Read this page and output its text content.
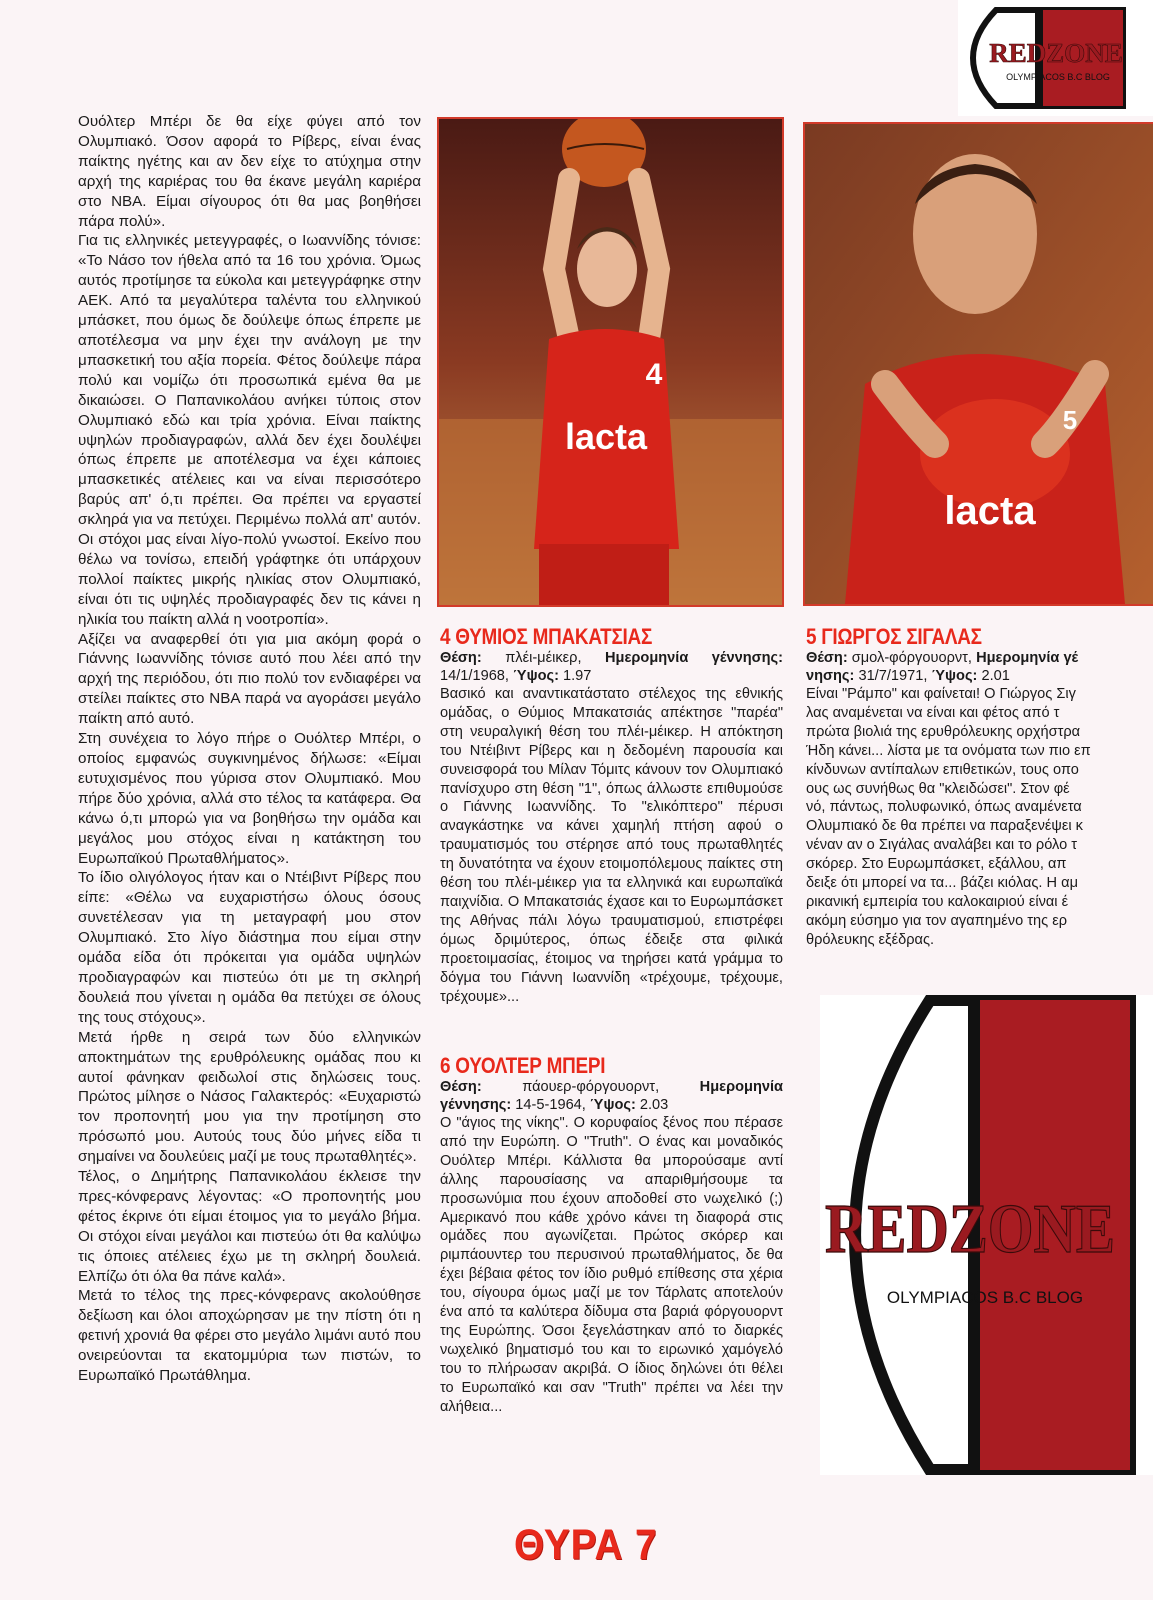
Ουόλτερ Μπέρι δε θα είχε φύγει από τον Ολυμπιακό. Όσον αφορά το Ρίβερς, είναι ένας παίκτης ηγέτης και αν δεν είχε το ατύχημα στην αρχή της καριέρας του θα έκανε μεγάλη καριέρα στο ΝΒΑ. Είμαι σίγουρος ότι θα μας βοηθήσει πάρα πολύ».

Για τις ελληνικές μετεγγραφές, ο Ιωαννίδης τόνισε: «Το Νάσο τον ήθελα από τα 16 του χρόνια. Όμως αυτός προτίμησε τα εύκολα και μετεγγράφηκε στην ΑΕΚ. Από τα μεγαλύτερα ταλέντα του ελληνικού μπάσκετ, που όμως δε δούλεψε όπως έπρεπε με αποτέλεσμα να μην έχει την ανάλογη με την μπασκετική του αξία πορεία. Φέτος δούλεψε πάρα πολύ και νομίζω ότι προσωπικά εμένα θα με δικαιώσει. Ο Παπανικολάου ανήκει τύποις στον Ολυμπιακό εδώ και τρία χρόνια. Είναι παίκτης υψηλών προδιαγραφών, αλλά δεν έχει δουλέψει όπως έπρεπε με αποτέλεσμα να έχει κάποιες μπασκετικές ατέλειες και να είναι περισσότερο βαρύς απ' ό,τι πρέπει. Θα πρέπει να εργαστεί σκληρά για να πετύχει. Περιμένω πολλά απ' αυτόν. Οι στόχοι μας είναι λίγο-πολύ γνωστοί. Εκείνο που θέλω να τονίσω, επειδή γράφτηκε ότι υπάρχουν πολλοί παίκτες μικρής ηλικίας στον Ολυμπιακό, είναι ότι τις υψηλές προδιαγραφές δεν τις κάνει η ηλικία του παίκτη αλλά η νοοτροπία».

Αξίζει να αναφερθεί ότι για μια ακόμη φορά ο Γιάννης Ιωαννίδης τόνισε αυτό που λέει από την αρχή της περιόδου, ότι πιο πολύ τον ενδιαφέρει να στείλει παίκτες στο ΝΒΑ παρά να αγοράσει μεγάλο παίκτη από αυτό.

Στη συνέχεια το λόγο πήρε ο Ουόλτερ Μπέρι, ο οποίος εμφανώς συγκινημένος δήλωσε: «Είμαι ευτυχισμένος που γύρισα στον Ολυμπιακό. Μου πήρε δύο χρόνια, αλλά στο τέλος τα κατάφερα. Θα κάνω ό,τι μπορώ για να βοηθήσω την ομάδα και μεγάλος μου στόχος είναι η κατάκτηση του Ευρωπαϊκού Πρωταθλήματος».

Το ίδιο ολιγόλογος ήταν και ο Ντέιβιντ Ρίβερς που είπε: «Θέλω να ευχαριστήσω όλους όσους συνετέλεσαν για τη μεταγραφή μου στον Ολυμπιακό. Στο λίγο διάστημα που είμαι στην ομάδα είδα ότι πρόκειται για ομάδα υψηλών προδιαγραφών και πιστεύω ότι με τη σκληρή δουλειά που γίνεται η ομάδα θα πετύχει σε όλους της τους στόχους».

Μετά ήρθε η σειρά των δύο ελληνικών αποκτημάτων της ερυθρόλευκης ομάδας που κι αυτοί φάνηκαν φειδωλοί στις δηλώσεις τους. Πρώτος μίλησε ο Νάσος Γαλακτερός: «Ευχαριστώ τον προπονητή μου για την προτίμηση στο πρόσωπό μου. Αυτούς τους δύο μήνες είδα τι σημαίνει να δουλεύεις μαζί με τους πρωταθλητές».

Τέλος, ο Δημήτρης Παπανικολάου έκλεισε την πρες-κόνφερανς λέγοντας: «Ο προπονητής μου φέτος έκρινε ότι είμαι έτοιμος για το μεγάλο βήμα. Οι στόχοι είναι μεγάλοι και πιστεύω ότι θα καλύψω τις όποιες ατέλειες έχω με τη σκληρή δουλειά. Ελπίζω ότι όλα θα πάνε καλά».

Μετά το τέλος της πρες-κόνφερανς ακολούθησε δεξίωση και όλοι αποχώρησαν με την πίστη ότι η φετινή χρονιά θα φέρει στο μεγάλο λιμάνι αυτό που ονειρεύονται τα εκατομμύρια των πιστών, το Ευρωπαϊκό Πρωτάθλημα.

lacta
4
lacta
5
4 ΘΥΜΙΟΣ ΜΠΑΚΑΤΣΙΑΣ
Θέση: πλέι-μέικερ, Ημερομηνία γέννησης: 14/1/1968, Ύψος: 1.97

Βασικό και αναντικατάστατο στέλεχος της εθνικής ομάδας, ο Θύμιος Μπακατσιάς απέκτησε "παρέα" στη νευραλγική θέση του πλέι-μέικερ. Η απόκτηση του Ντέιβιντ Ρίβερς και η δεδομένη παρουσία και συνεισφορά του Μίλαν Τόμιτς κάνουν τον Ολυμπιακό πανίσχυρο στη θέση "1", όπως άλλωστε επιθυμούσε ο Γιάννης Ιωαννίδης. Το "ελικόπτερο" πέρυσι αναγκάστηκε να κάνει χαμηλή πτήση αφού ο τραυματισμός του στέρησε από τους πρωταθλητές τη δυνατότητα να έχουν ετοιμοπόλεμους παίκτες στη θέση του πλέι-μέικερ για τα ελληνικά και ευρωπαϊκά παιχνίδια. Ο Μπακατσιάς έχασε και το Ευρωμπάσκετ της Αθήνας πάλι λόγω τραυματισμού, επιστρέφει όμως δριμύτερος, όπως έδειξε στα φιλικά προετοιμασίας, έτοιμος να τηρήσει κατά γράμμα το δόγμα του Γιάννη Ιωαννίδη «τρέχουμε, τρέχουμε, τρέχουμε»...

6 ΟΥΟΛΤΕΡ ΜΠΕΡΙ
Θέση:	πάουερ-φόργουορντ,	Ημερομηνία γέννησης: 14-5-1964, Ύψος: 2.03

Ο "άγιος της νίκης". Ο κορυφαίος ξένος που πέρασε από την Ευρώπη. Ο "Truth". Ο ένας και μοναδικός Ουόλτερ Μπέρι. Κάλλιστα θα μπορούσαμε αντί άλλης παρουσίασης να απαριθμήσουμε τα προσωνύμια που έχουν αποδοθεί στο νωχελικό (;) Αμερικανό που κάθε χρόνο κάνει τη διαφορά στις ομάδες που αγωνίζεται. Πρώτος σκόρερ και ριμπάουντερ του περυσινού πρωταθλήματος, δε θα έχει βέβαια φέτος τον ίδιο ρυθμό επίθεσης στα χέρια του, σίγουρα όμως μαζί με τον Τάρλατς αποτελούν ένα από τα καλύτερα δίδυμα στα βαριά φόργουορντ της Ευρώπης. Όσοι ξεγελάστηκαν από το διαρκές νωχελικό βηματισμό του και το ειρωνικό χαμόγελό του το πλήρωσαν ακριβά. Ο ίδιος δηλώνει ότι θέλει το Ευρωπαϊκό και σαν "Truth" πρέπει να λέει την αλήθεια...

5 ΓΙΩΡΓΟΣ ΣΙΓΑΛΑΣ
Θέση: σμολ-φόργουορντ, Ημερομηνία γέ
νησης: 31/7/1971, Ύψος: 2.01
Είναι "Ράμπο" και φαίνεται! Ο Γιώργος Σιγ
λας αναμένεται να είναι και φέτος από τ
πρώτα βιολιά της ερυθρόλευκης ορχήστρα
Ήδη κάνει... λίστα με τα ονόματα των πιο επ
κίνδυνων αντίπαλων επιθετικών, τους οπο
ους ως συνήθως θα "κλειδώσει". Στον φέ
νό, πάντως, πολυφωνικό, όπως αναμένετα
Ολυμπιακό δε θα πρέπει να παραξενέψει κ
νέναν αν ο Σιγάλας αναλάβει και το ρόλο τ
σκόρερ. Στο Ευρωμπάσκετ, εξάλλου, απ
δειξε ότι μπορεί να τα... βάζει κιόλας. Η αμ
ρικανική εμπειρία του καλοκαιριού είναι έ
ακόμη εύσημο για τον αγαπημένο της ερ
θρόλευκης εξέδρας.
REDZONE
OLYMPIACOS B.C BLOG
REDZONE
OLYMPIACOS B.C BLOG
ΘΥΡΑ 7
